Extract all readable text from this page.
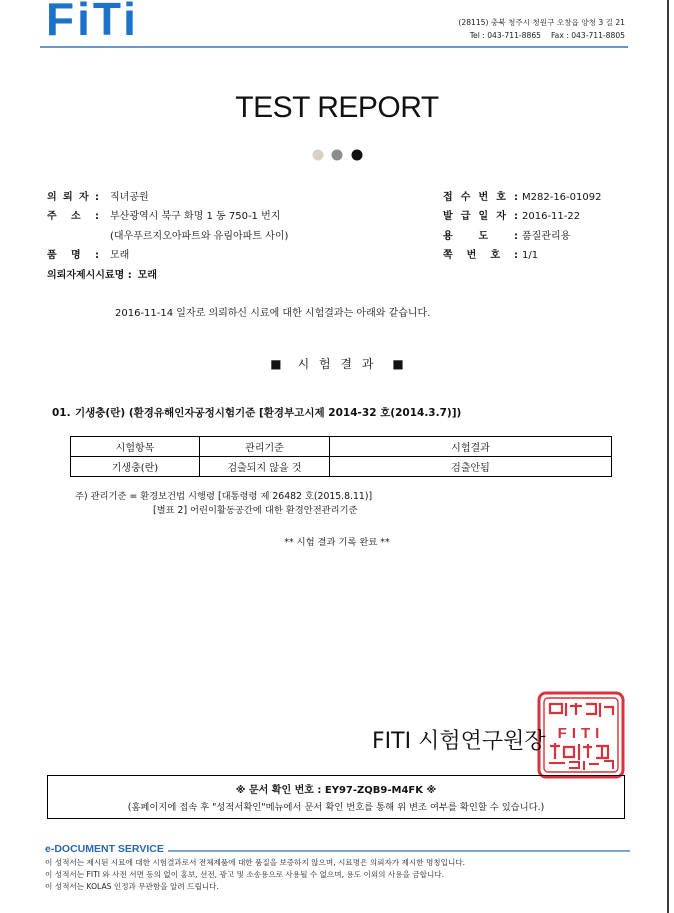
FiTi	(28115) 충북 청주시 청원구 오창읍 양청 3 길 21
Tel : 043-711-8865 Fax : 043-711-8805
TEST REPORT
의 뢰 자 : 직녀공원
주 소 : 부산광역시 북구 화명 1 동 750-1 번지
(대우푸르지오아파트와 유림아파트 사이)
품 명 : 모래
의뢰자제시시료명 : 모래
접 수 번 호 : M282-16-01092
발 급 일 자 : 2016-11-22
용 도 : 품질관리용
쪽 번 호 : 1/1
2016-11-14 일자로 의뢰하신 시료에 대한 시험결과는 아래와 같습니다.
■ 시 험 결 과 ■
01. 기생충(란) (환경유해인자공정시험기준 [환경부고시제 2014-32 호(2014.3.7)])
시험항목	관리기준	시험결과
기생충(란)	검출되지 않을 것	검출안됨
주) 관리기준 = 환경보건법 시행령 [대통령령 제 26482 호(2015.8.11)]
[별표 2] 어린이활동공간에 대한 환경안전관리기준
** 시험 결과 기록 완료 **
FITI 시험연구원장 FITI
※ 문서 확인 번호 : EY97-ZQB9-M4FK ※
(홈페이지에 접속 후 "성적서확인"메뉴에서 문서 확인 번호를 통해 위 변조 여부를 확인할 수 있습니다.)
e-DOCUMENT SERVICE
이 성적서는 제시된 시료에 대한 시험결과로서 전체제품에 대한 품질을 보증하지 않으며, 시료명은 의뢰자가 제시한 명칭입니다.
이 성적서는 FITI 와 사전 서면 동의 없이 홍보, 선전, 광고 및 소송용으로 사용될 수 없으며, 용도 이외의 사용을 금합니다.
이 성적서는 KOLAS 인정과 무관함을 알려 드립니다.
